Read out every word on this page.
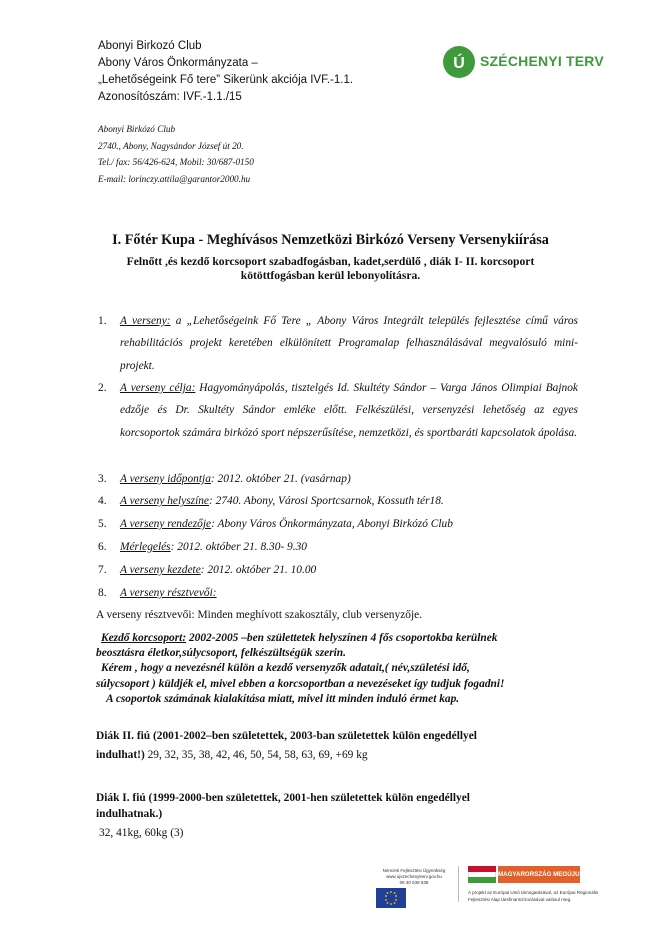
Abonyi Birkozó Club
Abony Város Önkormányzata –
„Lehetőségeink Fő tere” Sikerünk akciója IVF.-1.1.
Azonosítószám: IVF.-1.1./15
Ú SZÉCHENYI TERV
Abonyi Birkózó Club
2740., Abony, Nagysándor József út 20.
Tel./ fax: 56/426-624, Mobil: 30/687-0150
E-mail: lorinczy.attila@garantor2000.hu
I. Főtér Kupa - Meghívásos Nemzetközi Birkózó Verseny Versenykiírása
Felnőtt ,és kezdő korcsoport szabadfogásban, kadet,serdülő , diák I- II. korcsoport
kötöttfogásban kerül lebonyolításra.
1.	A verseny: a „Lehetőségeink Fő Tere „ Abony Város Integrált település fejlesztése című város rehabilitációs projekt keretében elkülönített Programalap felhasználásával megvalósuló mini-projekt.
2.	A verseny célja: Hagyományápolás, tisztelgés Id. Skultéty Sándor – Varga János Olimpiai Bajnok edzője és Dr. Skultéty Sándor emléke előtt. Felkészülési, versenyzési lehetőség az egyes korcsoportok számára birkózó sport népszerűsítése, nemzetközi, és sportbaráti kapcsolatok ápolása.
3.	A verseny időpontja: 2012. október 21. (vasárnap)
4.	A verseny helyszíne: 2740. Abony, Városi Sportcsarnok, Kossuth tér18.
5.	A verseny rendezője: Abony Város Önkormányzata, Abonyi Birkózó Club
6.	Mérlegelés: 2012. október 21. 8.30- 9.30
7.	A verseny kezdete: 2012. október 21. 10.00
8.	A verseny résztvevői:
A verseny résztvevői: Minden meghívott szakosztály, club versenyzője.
Kezdő korcsoport: 2002-2005 –ben születtetek helyszínen 4 fős csoportokba kerülnek
beosztásra életkor,súlycsoport, felkészültségük szerin.
Kérem , hogy a nevezésnél külön a kezdő versenyzők adatait,( név,születési idő,
súlycsoport ) küldjék el, mivel ebben a korcsoportban a nevezéseket így tudjuk fogadni!
A csoportok számának kialakítása miatt, mivel itt minden induló érmet kap.
Diák II. fiú (2001-2002–ben születettek, 2003-ban születettek külön engedéllyel
indulhat!) 29, 32, 35, 38, 42, 46, 50, 54, 58, 63, 69, +69 kg
Diák I. fiú (1999-2000-ben születettek, 2001-hen születettek külön engedéllyel
indulhatnak.)
32, 41kg, 60kg (3)
Nemzeti Fejlesztési Ügynökség
www.ujszechenyiterv.gov.hu
06 40 638 638
MAGYARORSZÁG MEGÚJUL
A projekt az Európai Unió támogatásával, az Európai Regionális
Fejlesztési Alap társfinanszírozásával valósul meg.
